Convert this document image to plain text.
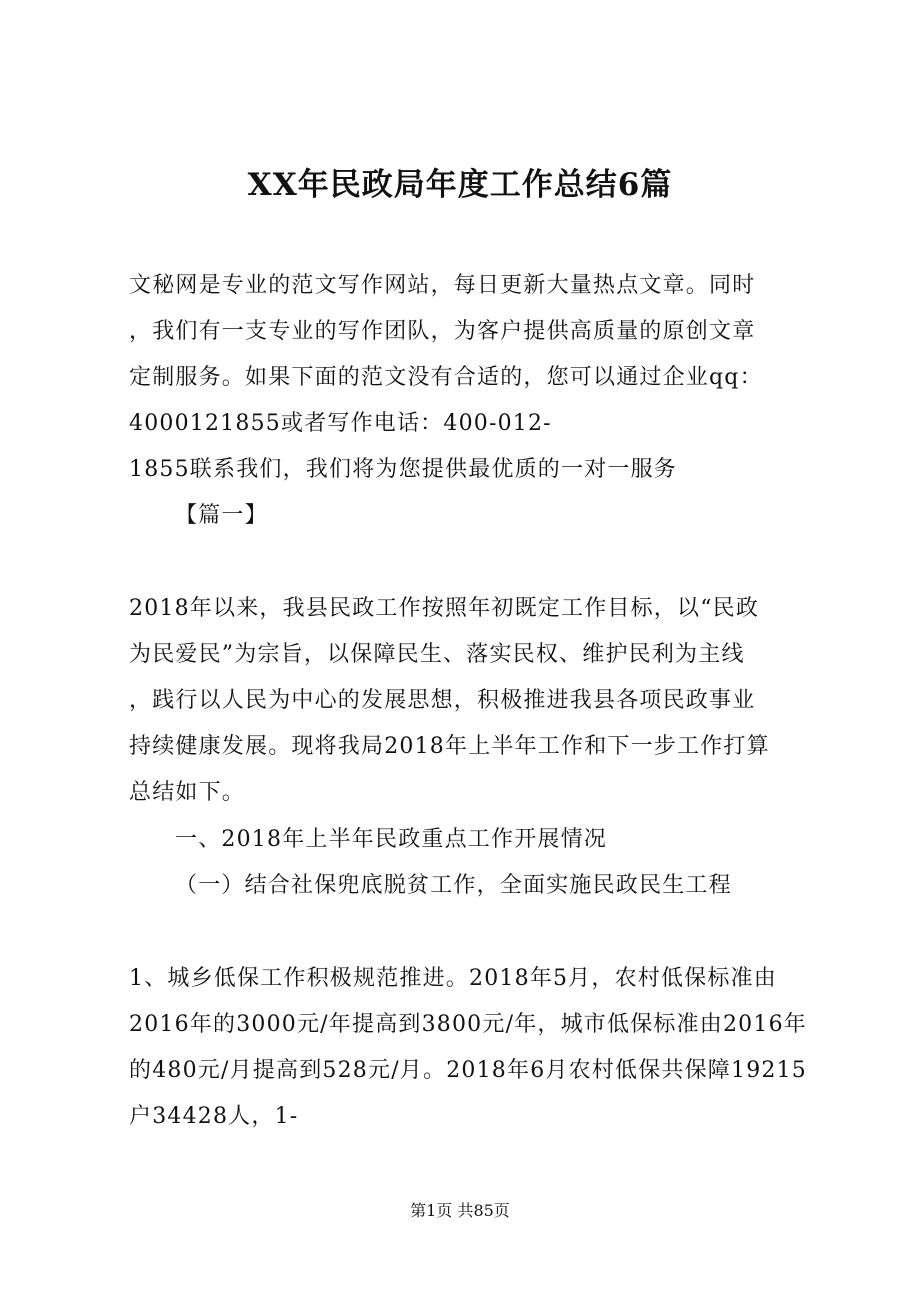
XX年民政局年度工作总结6篇
文秘网是专业的范文写作网站，每日更新大量热点文章。同时
，我们有一支专业的写作团队，为客户提供高质量的原创文章
定制服务。如果下面的范文没有合适的，您可以通过企业qq：
4000121855或者写作电话：400-012-
1855联系我们，我们将为您提供最优质的一对一服务
【篇一】
2018年以来，我县民政工作按照年初既定工作目标，以“民政
为民爱民”为宗旨，以保障民生、落实民权、维护民利为主线
，践行以人民为中心的发展思想，积极推进我县各项民政事业
持续健康发展。现将我局2018年上半年工作和下一步工作打算
总结如下。
一、2018年上半年民政重点工作开展情况
（一）结合社保兜底脱贫工作，全面实施民政民生工程
1、城乡低保工作积极规范推进。2018年5月，农村低保标准由
2016年的3000元/年提高到3800元/年，城市低保标准由2016年
的480元/月提高到528元/月。2018年6月农村低保共保障19215
户34428人，1-
第1页 共85页
